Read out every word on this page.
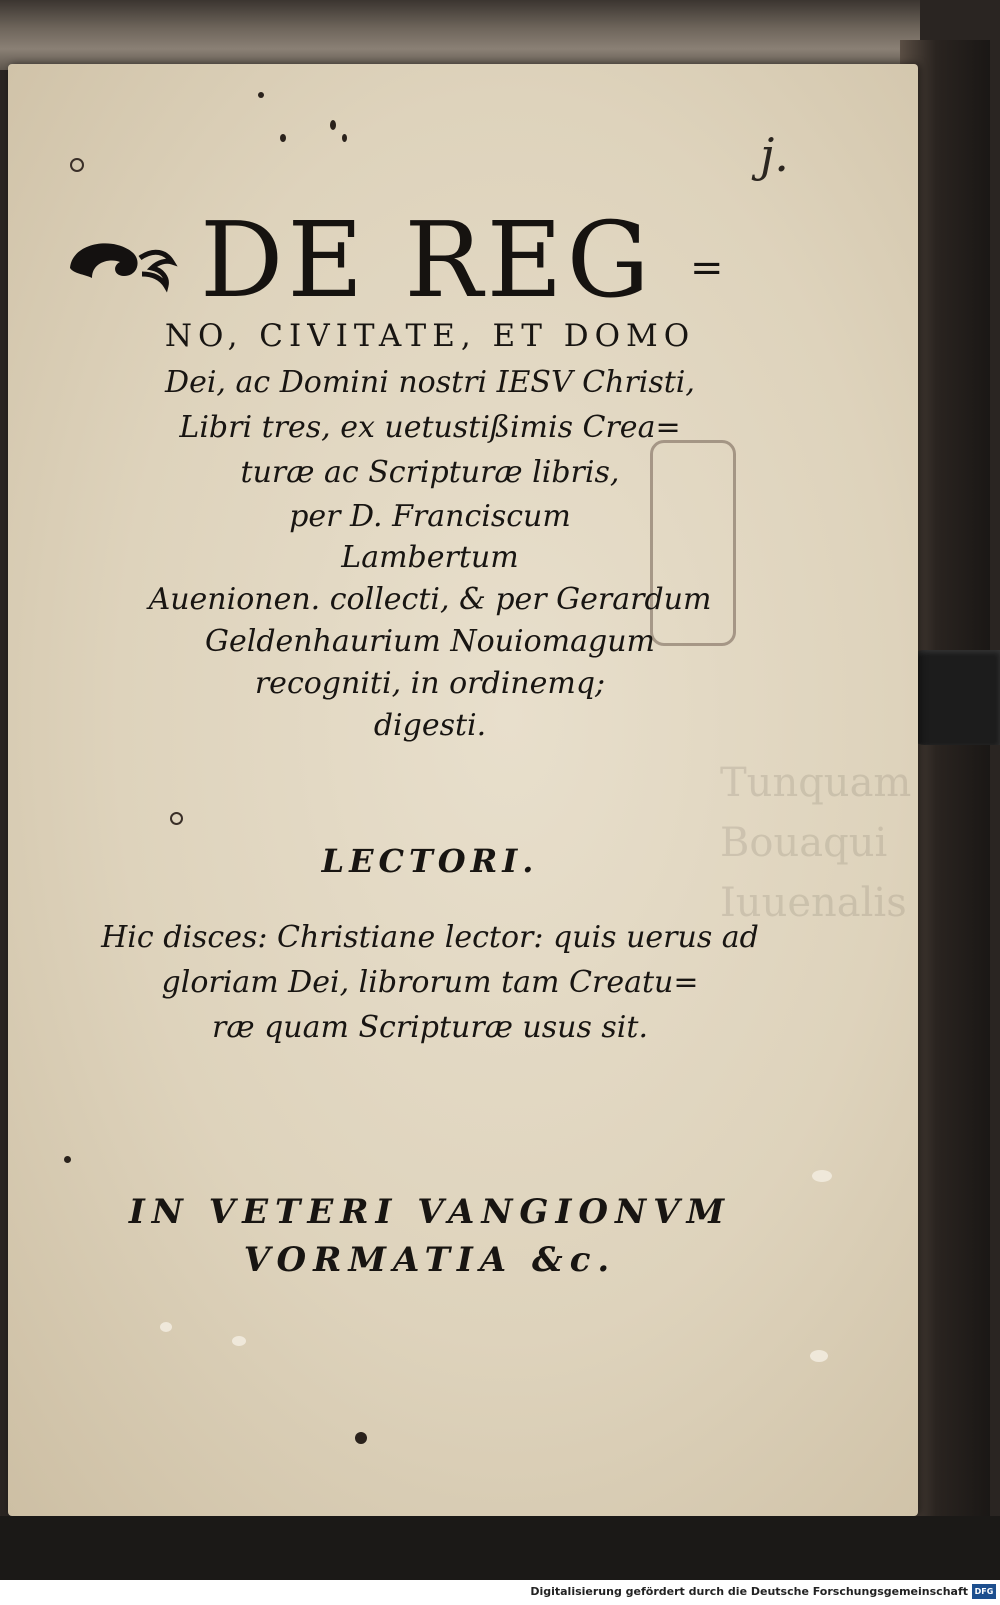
Tunquam
Bouaqui
Iuuenalis
j.
DE REG =
NO, CIVITATE, ET DOMO
Dei, ac Domini nostri IESV Christi,
Libri tres, ex uetustißimis Crea=
turæ ac Scripturæ libris,
per D. Franciscum
Lambertum
Auenionen. collecti, & per Gerardum
Geldenhaurium Nouiomagum
recogniti, in ordinemq;
digesti.
LECTORI.
Hic disces: Christiane lector: quis uerus ad
gloriam Dei, librorum tam Creatu=
ræ quam Scripturæ usus sit.
IN VETERI VANGIONVM
VORMATIA &c.
Digitalisierung gefördert durch die Deutsche Forschungsgemeinschaft DFG
